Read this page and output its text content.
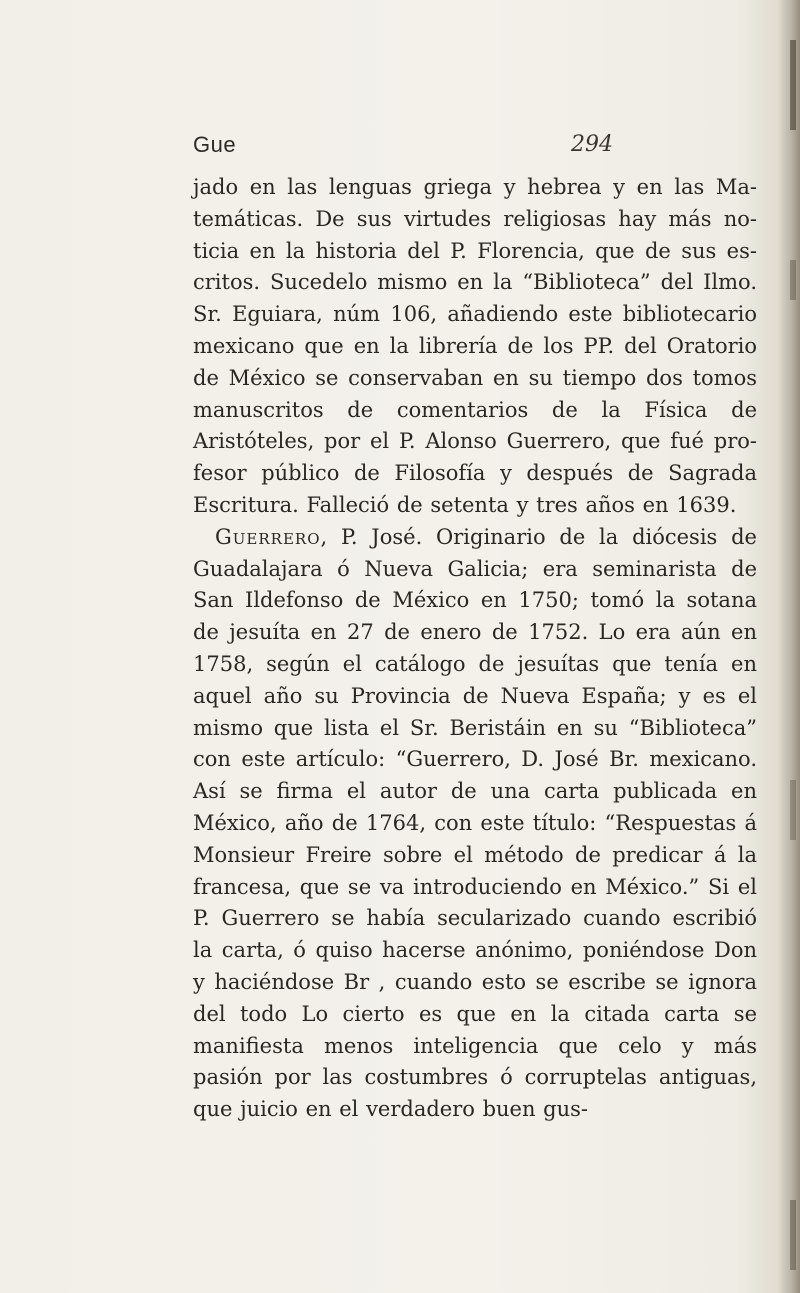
Gue	294

jado en las lenguas griega y hebrea y en las Matemáticas. De sus virtudes religiosas hay más noticia en la historia del P. Florencia, que de sus escritos. Sucedelo mismo en la “Biblioteca” del Ilmo. Sr. Eguiara, núm 106, añadiendo este bibliotecario mexicano que en la librería de los PP. del Oratorio de México se conservaban en su tiempo dos tomos manuscritos de comentarios de la Física de Aristóteles, por el P. Alonso Guerrero, que fué profesor público de Filosofía y después de Sagrada Escritura. Falleció de setenta y tres años en 1639.

Guerrero, P. José. Originario de la diócesis de Guadalajara ó Nueva Galicia; era seminarista de San Ildefonso de México en 1750; tomó la sotana de jesuíta en 27 de enero de 1752. Lo era aún en 1758, según el catálogo de jesuítas que tenía en aquel año su Provincia de Nueva España; y es el mismo que lista el Sr. Beristáin en su “Biblioteca” con este artículo: “Guerrero, D. José Br. mexicano. Así se firma el autor de una carta publicada en México, año de 1764, con este título: “Respuestas á Monsieur Freire sobre el método de predicar á la francesa, que se va introduciendo en México.” Si el P. Guerrero se había secularizado cuando escribió la carta, ó quiso hacerse anónimo, poniéndose Don y haciéndose Br , cuando esto se escribe se ignora del todo Lo cierto es que en la citada carta se manifiesta menos inteligencia que celo y más pasión por las costumbres ó corruptelas antiguas, que juicio en el verdadero buen gus-
